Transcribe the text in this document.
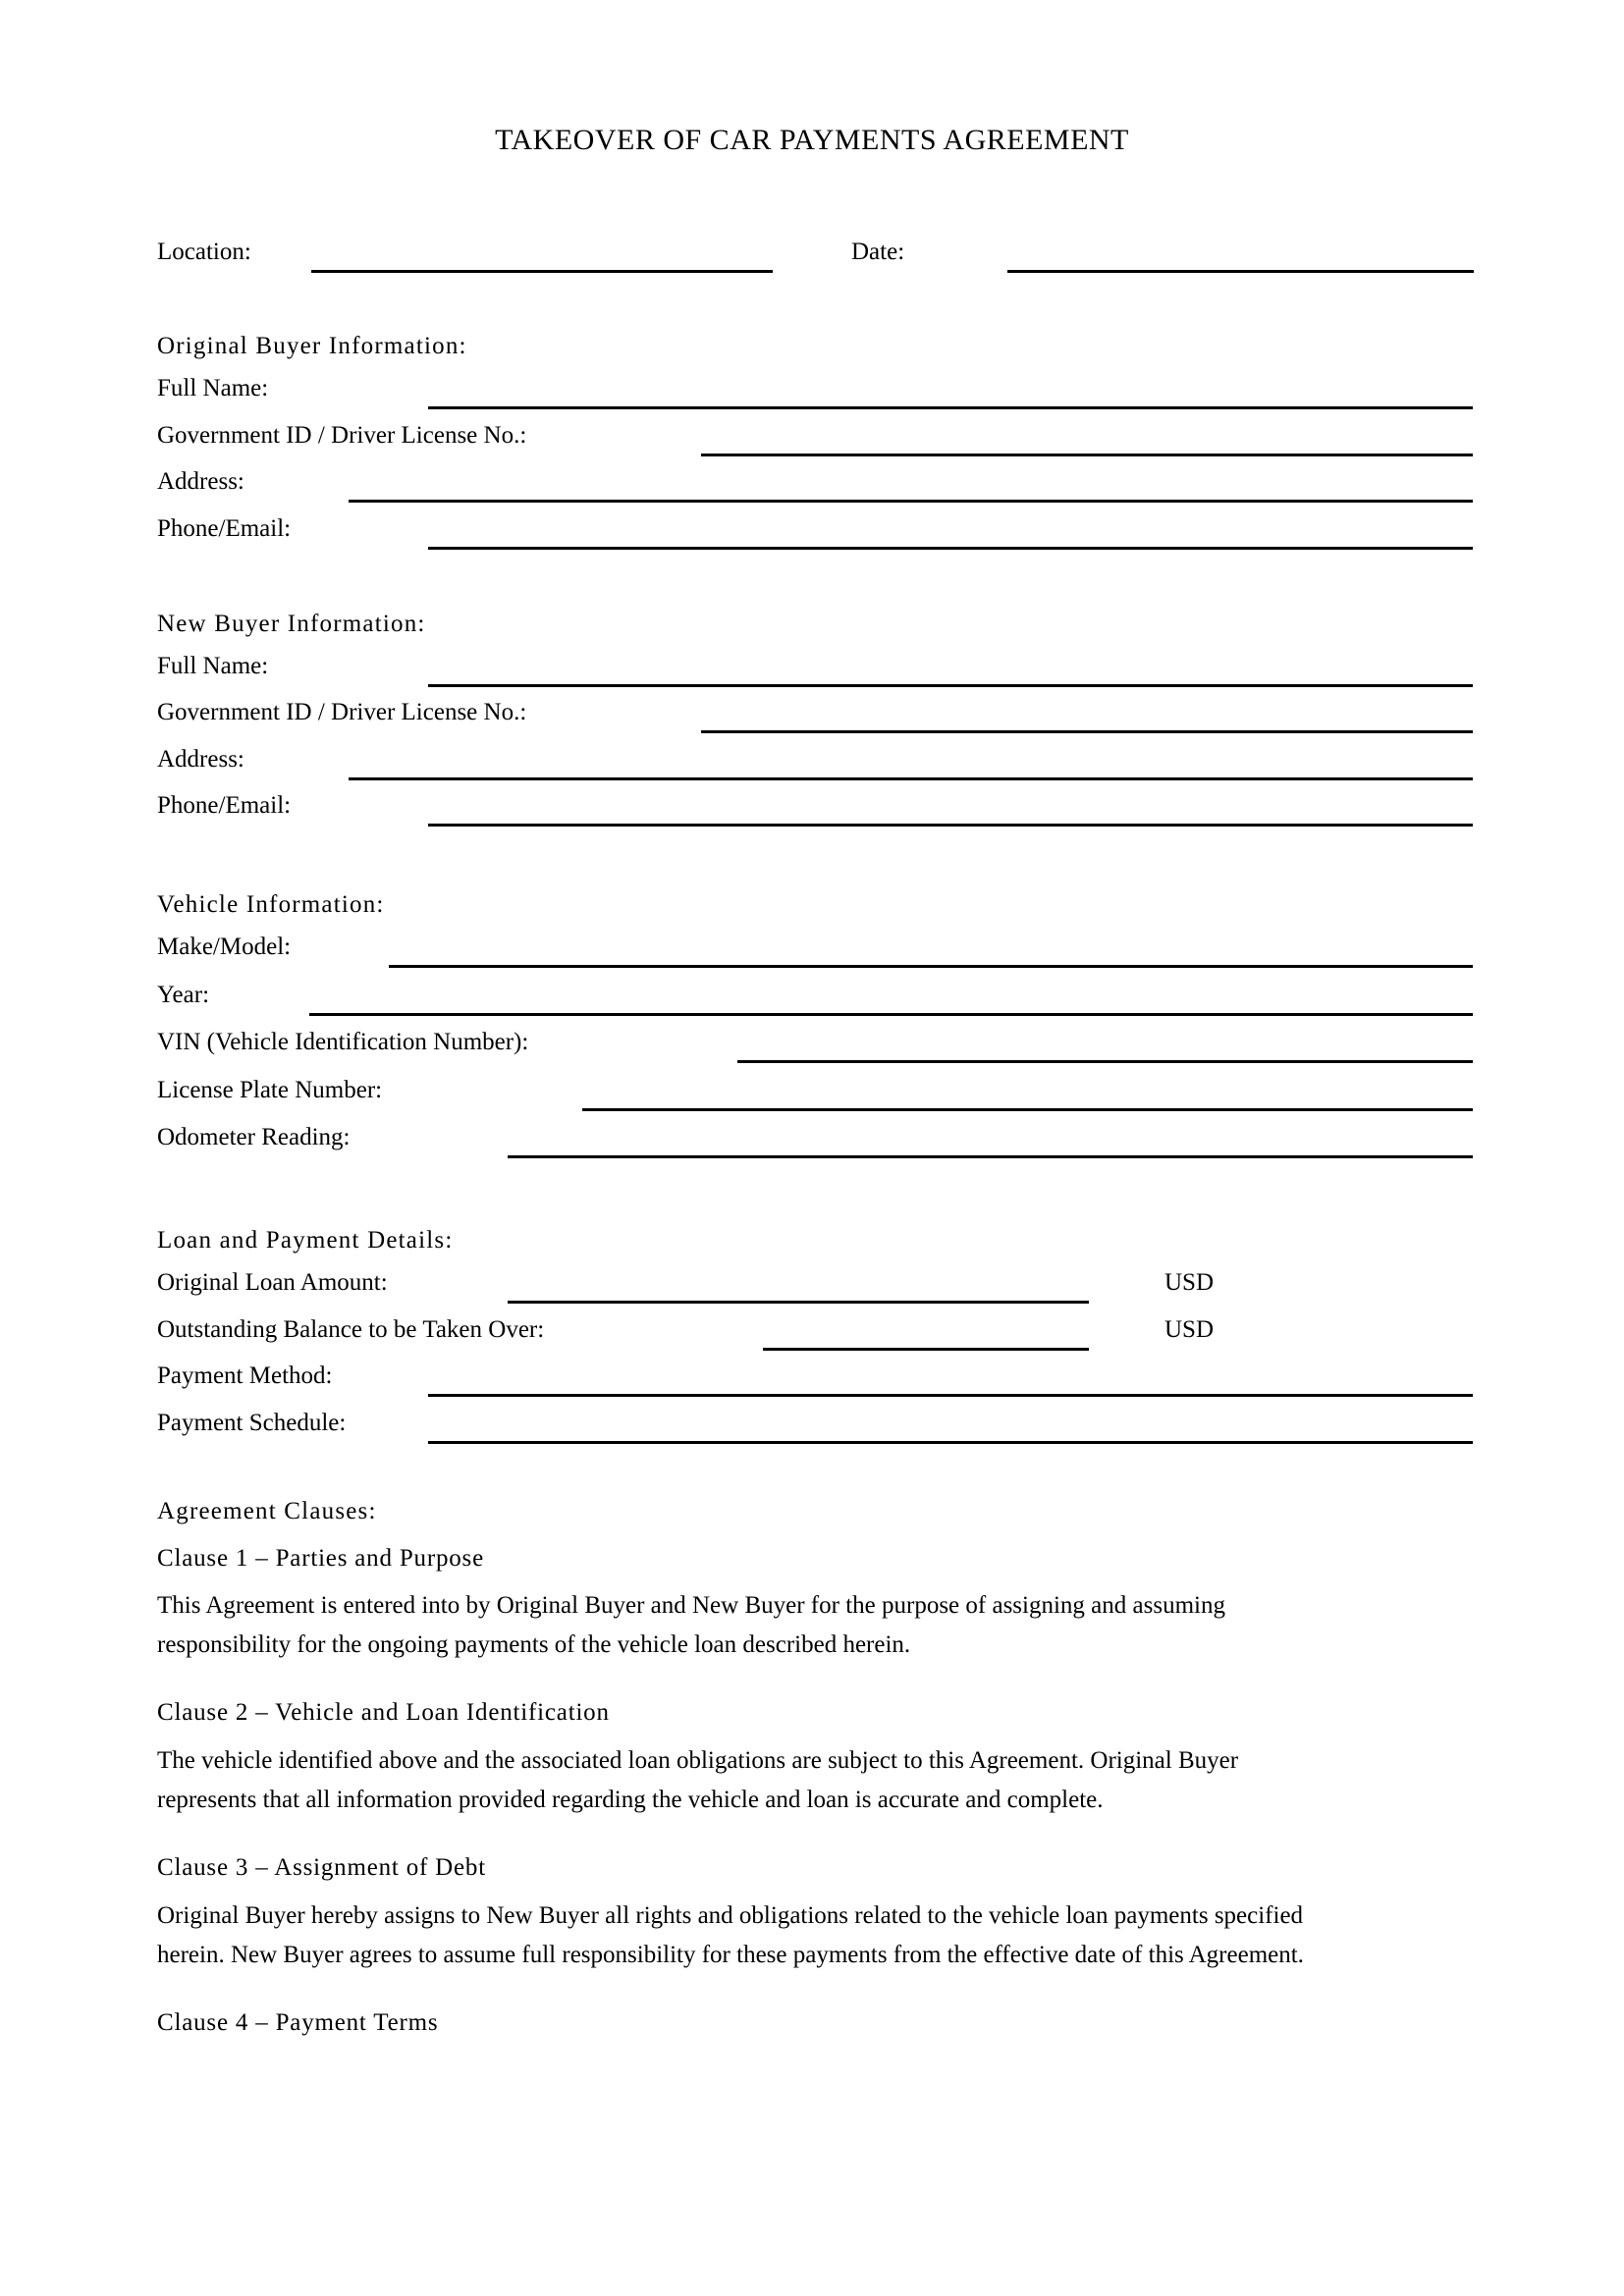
TAKEOVER OF CAR PAYMENTS AGREEMENT
Location:	Date:
Original Buyer Information:
Full Name:
Government ID / Driver License No.:
Address:
Phone/Email:
New Buyer Information:
Full Name:
Government ID / Driver License No.:
Address:
Phone/Email:
Vehicle Information:
Make/Model:
Year:
VIN (Vehicle Identification Number):
License Plate Number:
Odometer Reading:
Loan and Payment Details:
Original Loan Amount:	USD
Outstanding Balance to be Taken Over:	USD
Payment Method:
Payment Schedule:
Agreement Clauses:
Clause 1 – Parties and Purpose
This Agreement is entered into by Original Buyer and New Buyer for the purpose of assigning and assuming
responsibility for the ongoing payments of the vehicle loan described herein.
Clause 2 – Vehicle and Loan Identification
The vehicle identified above and the associated loan obligations are subject to this Agreement. Original Buyer
represents that all information provided regarding the vehicle and loan is accurate and complete.
Clause 3 – Assignment of Debt
Original Buyer hereby assigns to New Buyer all rights and obligations related to the vehicle loan payments specified
herein. New Buyer agrees to assume full responsibility for these payments from the effective date of this Agreement.
Clause 4 – Payment Terms
